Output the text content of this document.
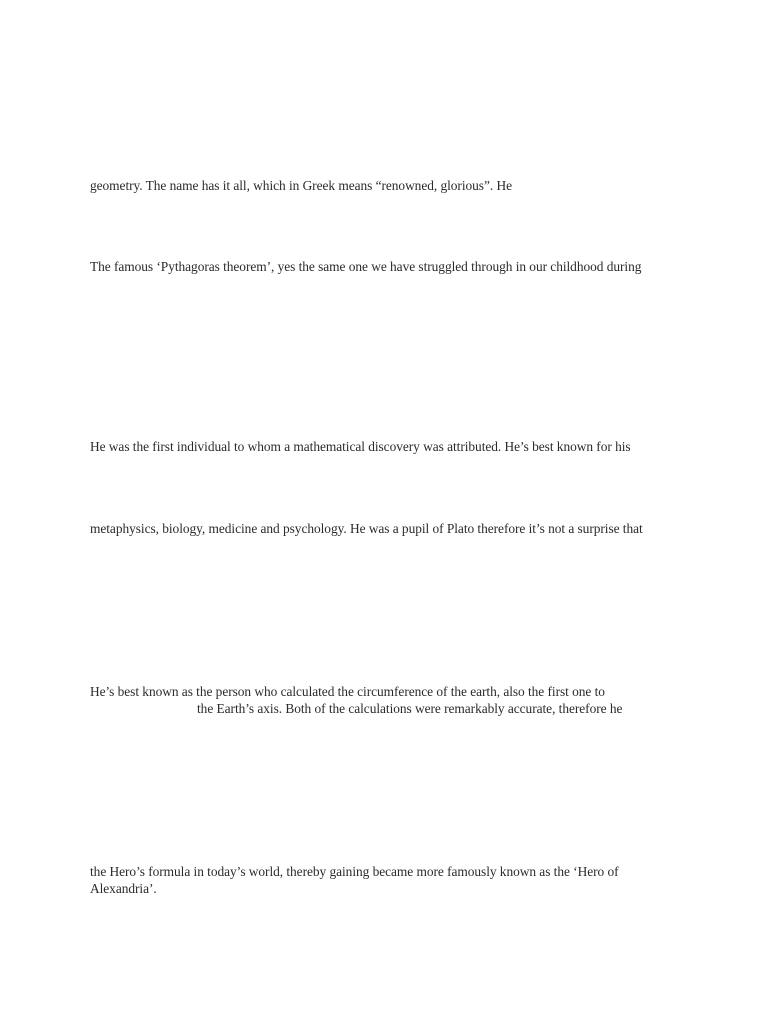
geometry. The name has it all, which in Greek means “renowned, glorious”. He
The famous ‘Pythagoras theorem’, yes the same one we have struggled through in our childhood during
He was the first individual to whom a mathematical discovery was attributed. He’s best known for his
metaphysics, biology, medicine and psychology. He was a pupil of Plato therefore it’s not a surprise that
He’s best known as the person who calculated the circumference of the earth, also the first one to
the Earth’s axis. Both of the calculations were remarkably accurate, therefore he
the Hero’s formula in today’s world, thereby gaining became more famously known as the ‘Hero of
Alexandria’.
